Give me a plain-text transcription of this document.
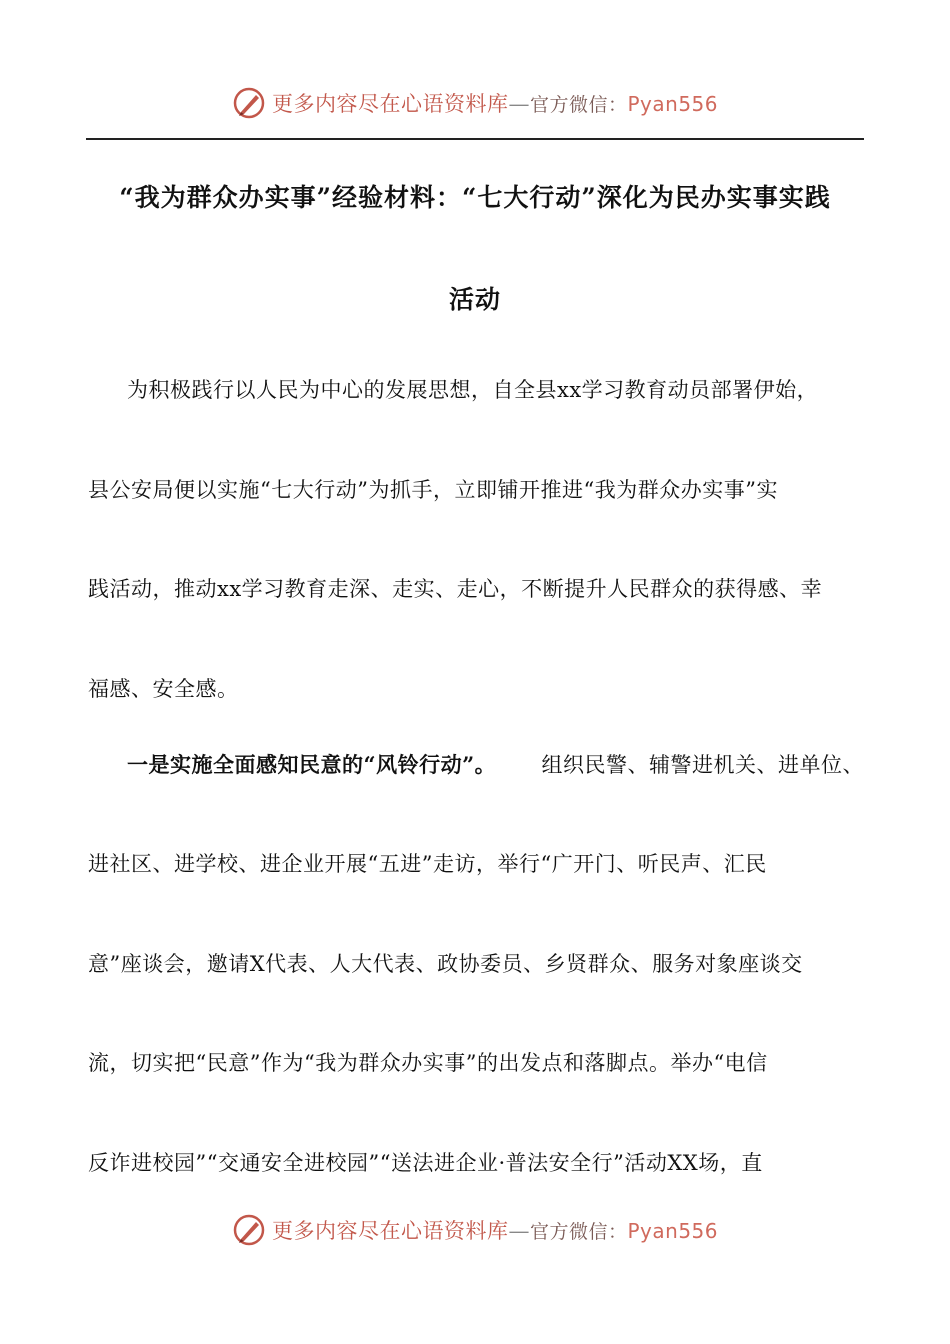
更多内容尽在心语资料库—官方微信：Pyan556
“我为群众办实事”经验材料：“七大行动”深化为民办实事实践
活动
为积极践行以人民为中心的发展思想，自全县xx学习教育动员部署伊始，
县公安局便以实施“七大行动”为抓手，立即铺开推进“我为群众办实事”实
践活动，推动xx学习教育走深、走实、走心，不断提升人民群众的获得感、幸
福感、安全感。
一是实施全面感知民意的“风铃行动”。 组织民警、辅警进机关、进单位、
进社区、进学校、进企业开展“五进”走访，举行“广开门、听民声、汇民
意”座谈会，邀请X代表、人大代表、政协委员、乡贤群众、服务对象座谈交
流，切实把“民意”作为“我为群众办实事”的出发点和落脚点。举办“电信
反诈进校园”“交通安全进校园”“送法进企业·普法安全行”活动XX场，直
更多内容尽在心语资料库—官方微信：Pyan556
